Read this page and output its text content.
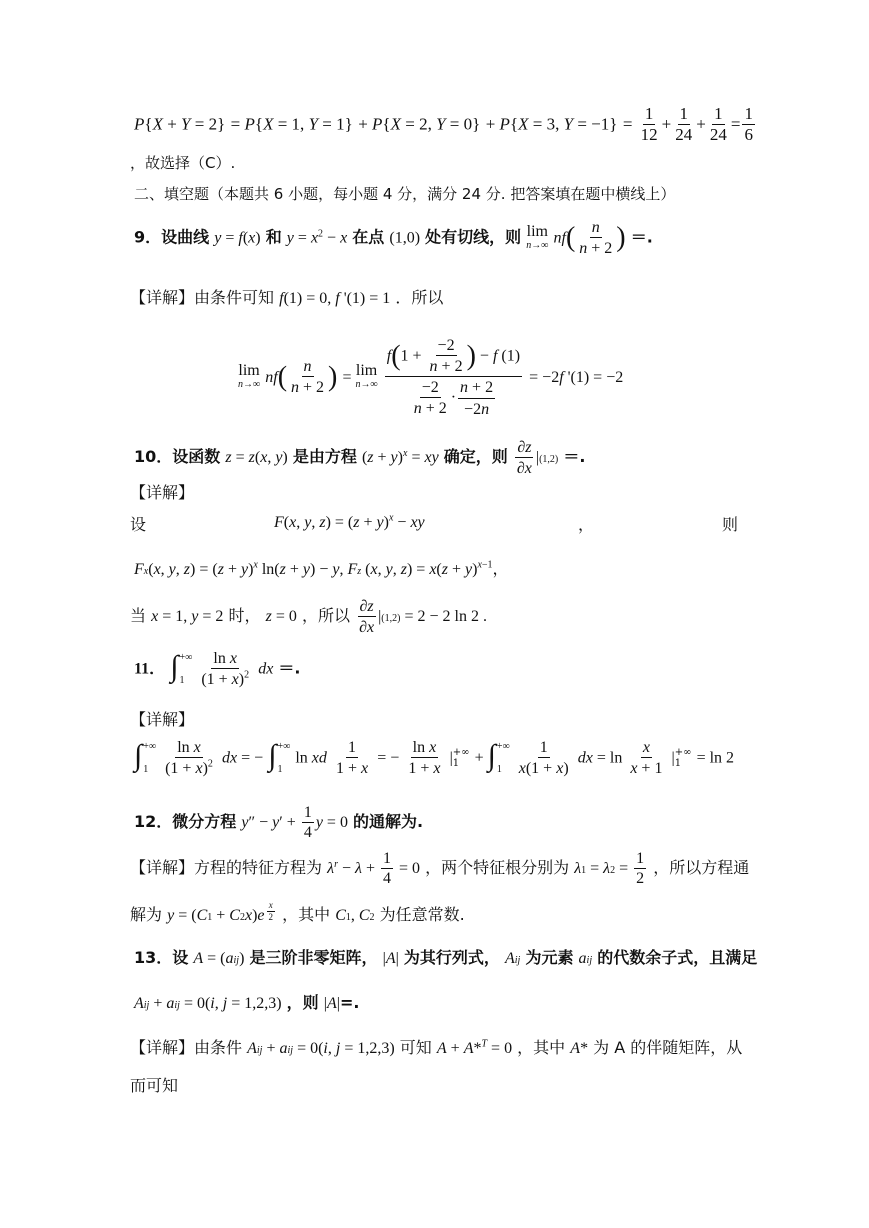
P{X + Y = 2} = P{X = 1, Y = 1} + P{X = 2, Y = 0} + P{X = 3, $Y = -1\} = \frac{1}{12} + \frac{1}{24} + \frac{1}{24} = \frac{1}{6}$
，故选择（C）.
二、填空题（本题共 6 小题，每小题 4 分，满分 24 分. 把答案填在题中横线上）
9．设曲线 y = f(x) 和 $y = x^2 - x$ 在点 (1,0) 处有切线，则 lim
n→∞ $nf( \frac{n}{n + 2}$ ) ＝.
【详解】由条件可知 f(1) = 0, f '(1) = 1 ．所以
lim
n→∞ $nf( \frac{n}{n + 2}$ ) = lim
n→∞
$\frac{f(1 + \frac{-2}{n + 2} ) - f (1)}{\frac{-2}{n + 2} \cdot \frac{n + 2}{-2n}} = -2f$ '(1) = −2
10．设函数 z = z(x, y) 是由方程 $(z + y)^x$ = xy 确定，则 $\frac{\partial z}{\partial x} |(1,2)$ ＝.
【详解】
设	F(x, y, $z) = (z + y)^x$ − xy	，	则
Fx(x, y, $z) = (z + y)^x$ ln(z + y) − y, Fz (x, y, $z) = x(z + y)^{x-1}$，
当 x = 1, y = 2 时， z = 0 ，所以 $\frac{\partial z}{\partial x} |(1,2) = 2 - 2$ ln 2 .
11． ∫ +∞
1
$\frac{\text{ln x}}{(1 + x)^2}$ dx ＝.
【详解】
∫ +∞
1
$\frac{\text{ln x}}{(1 + x)^2}$ dx = − ∫ +∞
1
ln xd $\frac{1}{1 + x}$ = − $\frac{\text{ln x}}{1 + x}$ | +∞
1 + ∫ +∞
1
$\frac{1}{x(1 + x)}$ dx = $\ln \frac{x}{x + 1}$ | +∞
1 = ln 2
12．微分方程 $y'' - y' + \frac{1}{4}$ y = 0 的通解为.
【详解】方程的特征方程为 $\lambda^r - \lambda + \frac{1}{4} = 0$ ，两个特征根分别为 $\lambda 1 = \lambda 2 = \frac{1}{2}$ ，所以方程通
解为 y = (C1 + C2x)e $^{\frac{x}{2}}$ ，其中 C1, C2 为任意常数.
13．设 A = (aij) 是三阶非零矩阵， |A| 为其行列式， Aij 为元素 aij 的代数余子式，且满足
Aij + aij = 0(i, j = 1,2,3) ，则 |A|=.
【详解】由条件 Aij + aij = 0(i, j = 1,2,3) 可知 A + A*$^T$ = 0 ，其中 A* 为 A 的伴随矩阵，从
而可知
